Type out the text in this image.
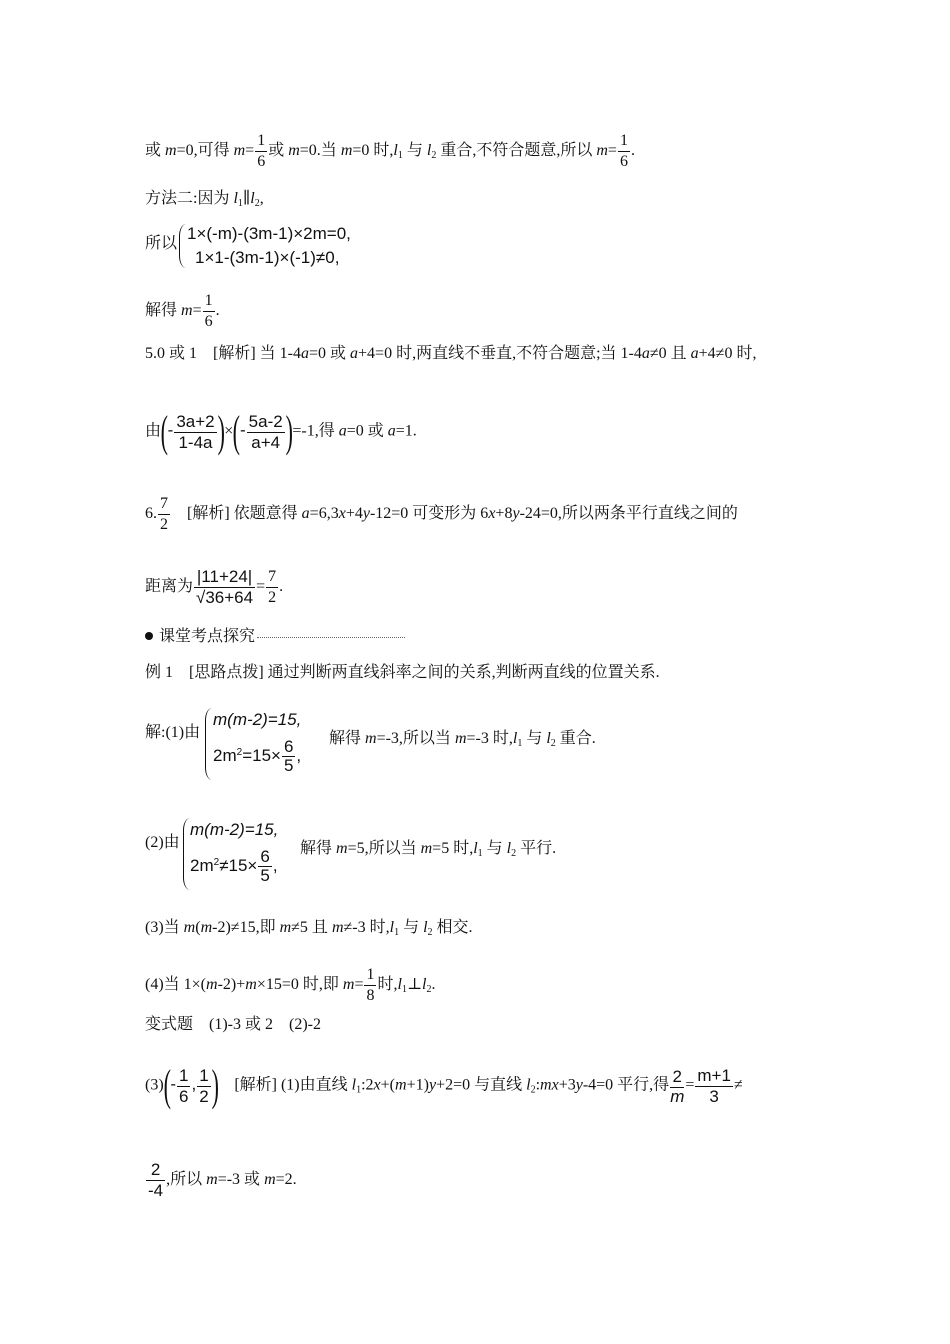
或 m=0,可得 $m= \frac{1}{6}$ 或 m=0.当 m=0 时$,l_1$ 与 $l_2$ 重合,不符合题意,所以 $m= \frac{1}{6}$ .
方法二:因为 $l_1\parallel l_2$,
所以
1×(-m)-(3m-1)×2m=0,
1×1-(3m-1)×(-1)≠0,
解得 $m= \frac{1}{6}$ .
5.0 或 1　[解析] 当 1-4a=0 或 a+4=0 时,两直线不垂直,不符合题意;当 1-4a≠0 且 a+4≠0 时,
由(- $\frac{3a+2}{1-4a}$ )×(- $\frac{5a-2}{a+4} )=-1$,得 a=0 或 a=1.
6. $\frac{7}{2}$ 　[解析] 依题意得 a=6,3x+4y-12=0 可变形为 6x+8y-24=0,所以两条平行直线之间的
距离为 $\frac{|11+24|}{√36+64} = \frac{7}{2}$ .
课堂考点探究
例 1　[思路点拨] 通过判断两直线斜率之间的关系,判断两直线的位置关系.
解:(1)由
m(m-2)=15,
$2m^2=15\times \frac{6}{5}$ ,
解得 m=-3,所以当 m=-3 时$,l_1$ 与 $l_2$ 重合.
(2)由
m(m-2)=15,
$2m^2\ne 15\times \frac{6}{5}$ ,
解得 m=5,所以当 m=5 时$,l_1$ 与 $l_2$ 平行.
(3)当 m(m-2)≠15,即 m≠5 且 m≠-3 时$,l_1$ 与 $l_2$ 相交.
(4)当 1×(m-2)+m×15=0 时,即 $m= \frac{1}{8}$ 时$,l_1\perp l_2$.
变式题　(1)-3 或 2　(2)-2
$(3)(- \frac{1}{6}$ , $\frac{1}{2}$ )　[解析] (1)由直线 $l_1:2x+(m+1)y+2=0$ 与直线 $l_2:mx+3y-4=0$ 平行,得 $\frac{2}{m}= \frac{m+1}{3}$ ≠
$\frac{2}{-4}$ ,所以 m=-3 或 m=2.
